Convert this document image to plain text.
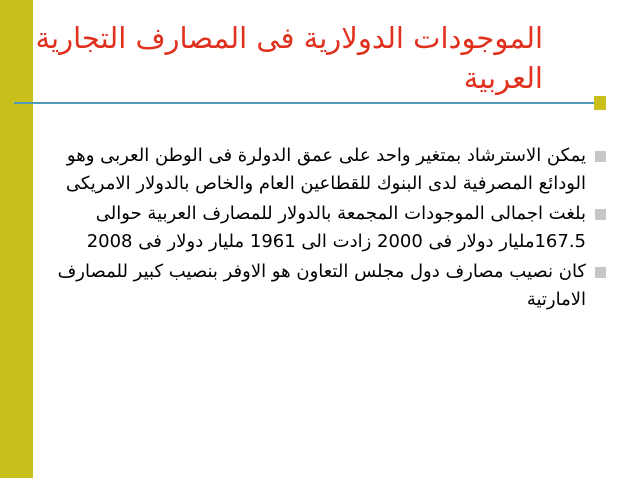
الموجودات الدولارية فى المصارف التجارية العربية
يمكن الاسترشاد بمتغير واحد على عمق الدولرة فى الوطن العربى وهو الودائع المصرفية لدى البنوك للقطاعين العام والخاص بالدولار الامريكى
بلغت اجمالى الموجودات المجمعة بالدولار للمصارف العربية حوالى 167.5مليار دولار فى 2000 زادت الى 1961 مليار دولار فى 2008
كان نصيب مصارف دول مجلس التعاون هو الاوفر بنصيب كبير للمصارف الامارتية
